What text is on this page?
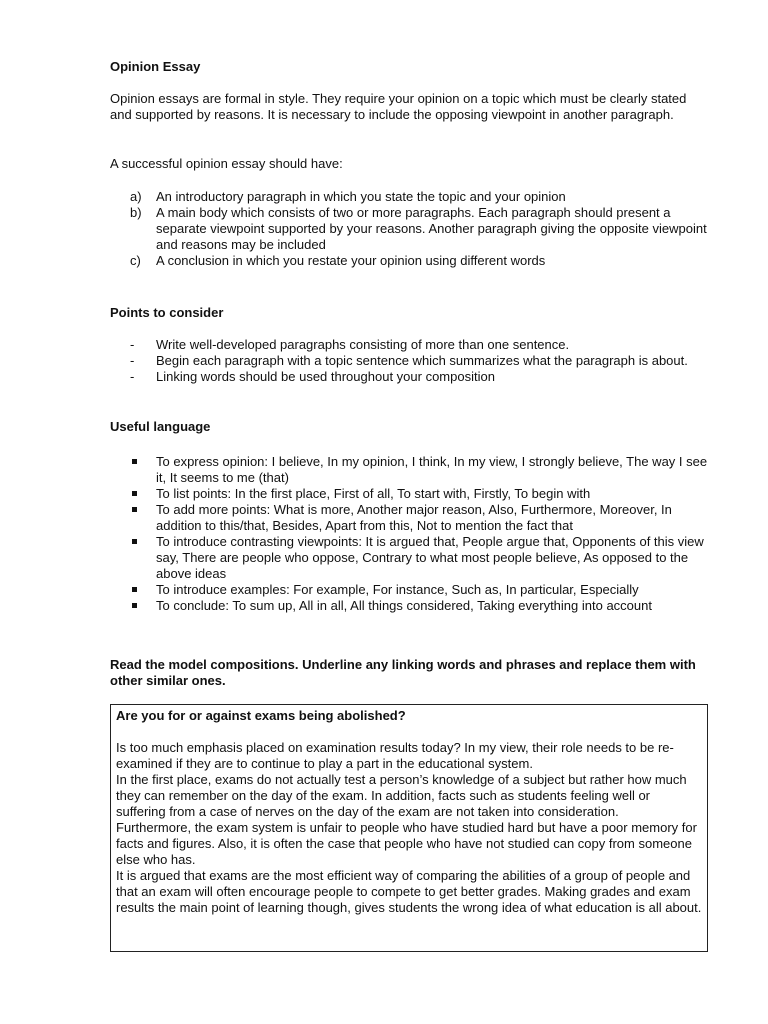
Opinion Essay

Opinion essays are formal in style. They require your opinion on a topic which must be clearly stated and supported by reasons. It is necessary to include the opposing viewpoint in another paragraph.

A successful opinion essay should have:

a) An introductory paragraph in which you state the topic and your opinion
b) A main body which consists of two or more paragraphs. Each paragraph should present a separate viewpoint supported by your reasons. Another paragraph giving the opposite viewpoint and reasons may be included
c) A conclusion in which you restate your opinion using different words
Points to consider
- Write well-developed paragraphs consisting of more than one sentence.
- Begin each paragraph with a topic sentence which summarizes what the paragraph is about.
- Linking words should be used throughout your composition
Useful language
To express opinion: I believe, In my opinion, I think, In my view, I strongly believe, The way I see it, It seems to me (that)
To list points: In the first place, First of all, To start with, Firstly, To begin with
To add more points: What is more, Another major reason, Also, Furthermore, Moreover, In addition to this/that, Besides, Apart from this, Not to mention the fact that
To introduce contrasting viewpoints: It is argued that, People argue that, Opponents of this view say, There are people who oppose, Contrary to what most people believe, As opposed to the above ideas
To introduce examples: For example, For instance, Such as, In particular, Especially
To conclude: To sum up, All in all, All things considered, Taking everything into account
Read the model compositions. Underline any linking words and phrases and replace them with other similar ones.
Are you for or against exams being abolished?

Is too much emphasis placed on examination results today? In my view, their role needs to be re-examined if they are to continue to play a part in the educational system.

In the first place, exams do not actually test a person’s knowledge of a subject but rather how much they can remember on the day of the exam. In addition, facts such as students feeling well or suffering from a case of nerves on the day of the exam are not taken into consideration.

Furthermore, the exam system is unfair to people who have studied hard but have a poor memory for facts and figures. Also, it is often the case that people who have not studied can copy from someone else who has.

It is argued that exams are the most efficient way of comparing the abilities of a group of people and that an exam will often encourage people to compete to get better grades. Making grades and exam results the main point of learning though, gives students the wrong idea of what education is all about.
